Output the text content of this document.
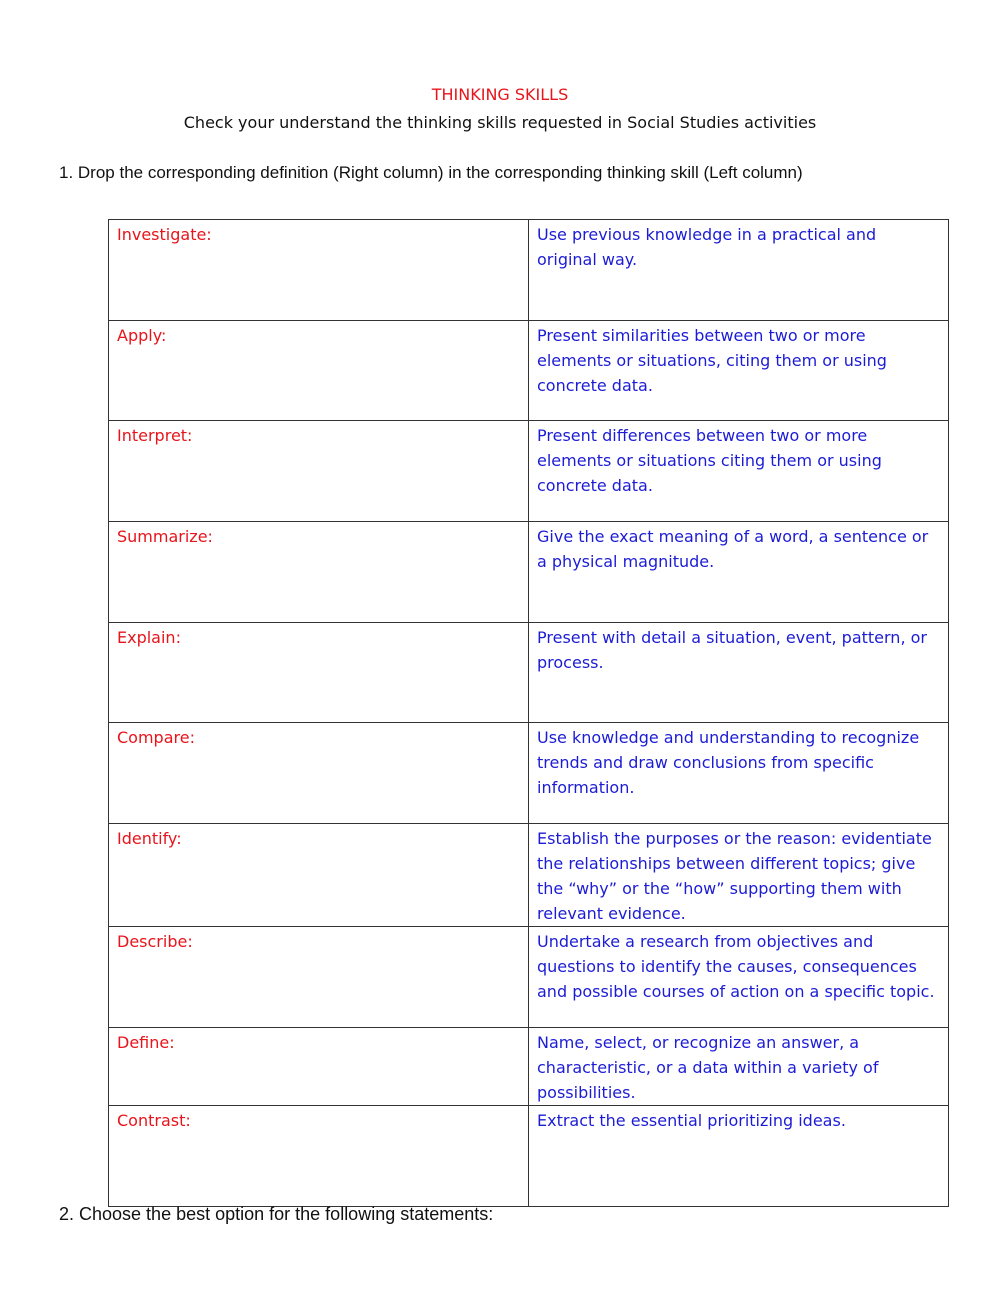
THINKING SKILLS
Check your understand the thinking skills requested in Social Studies activities
1. Drop the corresponding definition (Right column) in the corresponding thinking skill (Left column)
Investigate:	Use previous knowledge in a practical and original way.
Apply:	Present similarities between two or more elements or situations, citing them or using concrete data.
Interpret:	Present differences between two or more elements or situations citing them or using concrete data.
Summarize:	Give the exact meaning of a word, a sentence or a physical magnitude.
Explain:	Present with detail a situation, event, pattern, or process.
Compare:	Use knowledge and understanding to recognize trends and draw conclusions from specific information.
Identify:	Establish the purposes or the reason: evidentiate the relationships between different topics; give the “why” or the “how” supporting them with relevant evidence.
Describe:	Undertake a research from objectives and questions to identify the causes, consequences and possible courses of action on a specific topic.
Define:	Name, select, or recognize an answer, a characteristic, or a data within a variety of possibilities.
Contrast:	Extract the essential prioritizing ideas.
2. Choose the best option for the following statements:
